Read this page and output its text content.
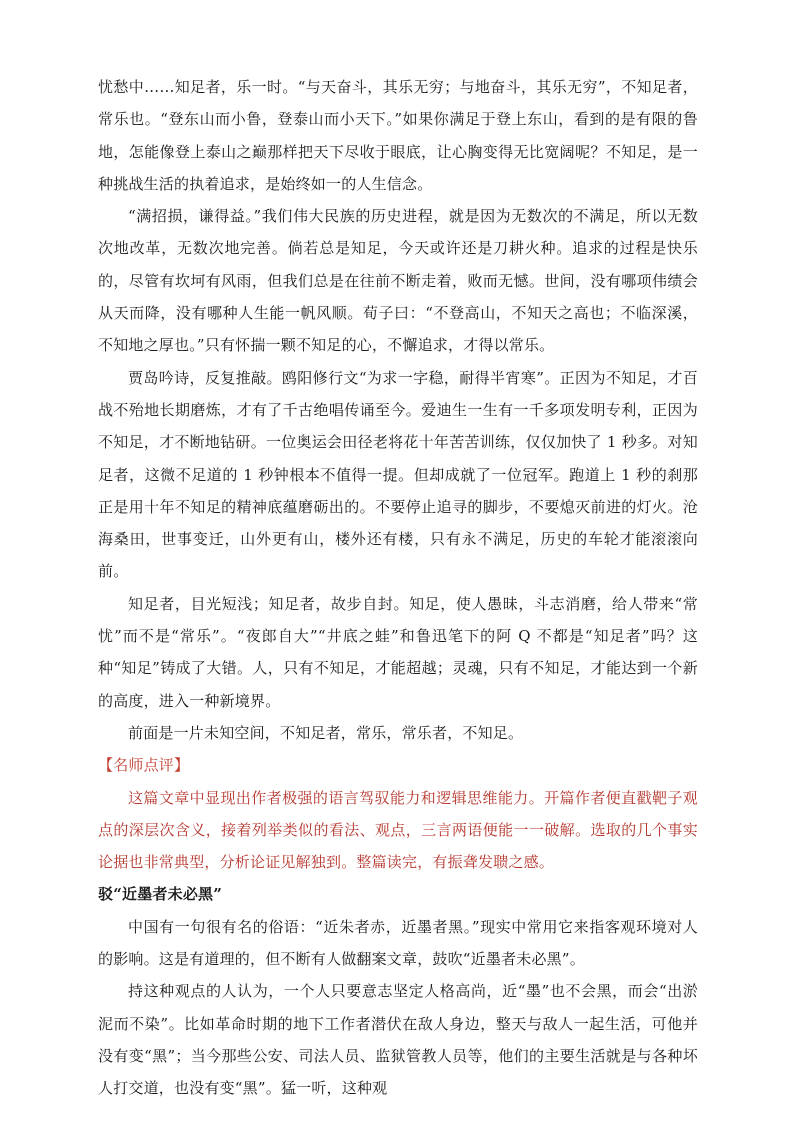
忧愁中……知足者，乐一时。“与天奋斗，其乐无穷；与地奋斗，其乐无穷”，不知足者，常乐也。“登东山而小鲁，登泰山而小天下。”如果你满足于登上东山，看到的是有限的鲁地，怎能像登上泰山之巅那样把天下尽收于眼底，让心胸变得无比宽阔呢？不知足，是一种挑战生活的执着追求，是始终如一的人生信念。

“满招损，谦得益。”我们伟大民族的历史进程，就是因为无数次的不满足，所以无数次地改革，无数次地完善。倘若总是知足，今天或许还是刀耕火种。追求的过程是快乐的，尽管有坎坷有风雨，但我们总是在往前不断走着，败而无憾。世间，没有哪项伟绩会从天而降，没有哪种人生能一帆风顺。荀子曰：“不登高山，不知天之高也；不临深溪，不知地之厚也。”只有怀揣一颗不知足的心，不懈追求，才得以常乐。

贾岛吟诗，反复推敲。鸥阳修行文“为求一字稳，耐得半宵寒”。正因为不知足，才百战不殆地长期磨炼，才有了千古绝唱传诵至今。爱迪生一生有一千多项发明专利，正因为不知足，才不断地钻研。一位奥运会田径老将花十年苦苦训练，仅仅加快了 1 秒多。对知足者，这微不足道的 1 秒钟根本不值得一提。但却成就了一位冠军。跑道上 1 秒的刹那正是用十年不知足的精神底蕴磨砺出的。不要停止追寻的脚步，不要熄灭前进的灯火。沧海桑田，世事变迁，山外更有山，楼外还有楼，只有永不满足，历史的车轮才能滚滚向前。

知足者，目光短浅；知足者，故步自封。知足，使人愚昧，斗志消磨，给人带来“常忧”而不是“常乐”。“夜郎自大”“井底之蛙”和鲁迅笔下的阿 Q 不都是“知足者”吗？这种“知足”铸成了大错。人，只有不知足，才能超越；灵魂，只有不知足，才能达到一个新的高度，进入一种新境界。

前面是一片未知空间，不知足者，常乐，常乐者，不知足。

【名师点评】

这篇文章中显现出作者极强的语言驾驭能力和逻辑思维能力。开篇作者便直戳靶子观点的深层次含义，接着列举类似的看法、观点，三言两语便能一一破解。选取的几个事实论据也非常典型，分析论证见解独到。整篇读完，有振聋发聩之感。

驳“近墨者未必黑”

中国有一句很有名的俗语：“近朱者赤，近墨者黑。”现实中常用它来指客观环境对人的影响。这是有道理的，但不断有人做翻案文章，鼓吹“近墨者未必黑”。

持这种观点的人认为，一个人只要意志坚定人格高尚，近“墨”也不会黑，而会“出淤泥而不染”。比如革命时期的地下工作者潜伏在敌人身边，整天与敌人一起生活，可他并没有变“黑”；当今那些公安、司法人员、监狱管教人员等，他们的主要生活就是与各种坏人打交道，也没有变“黑”。猛一听，这种观
